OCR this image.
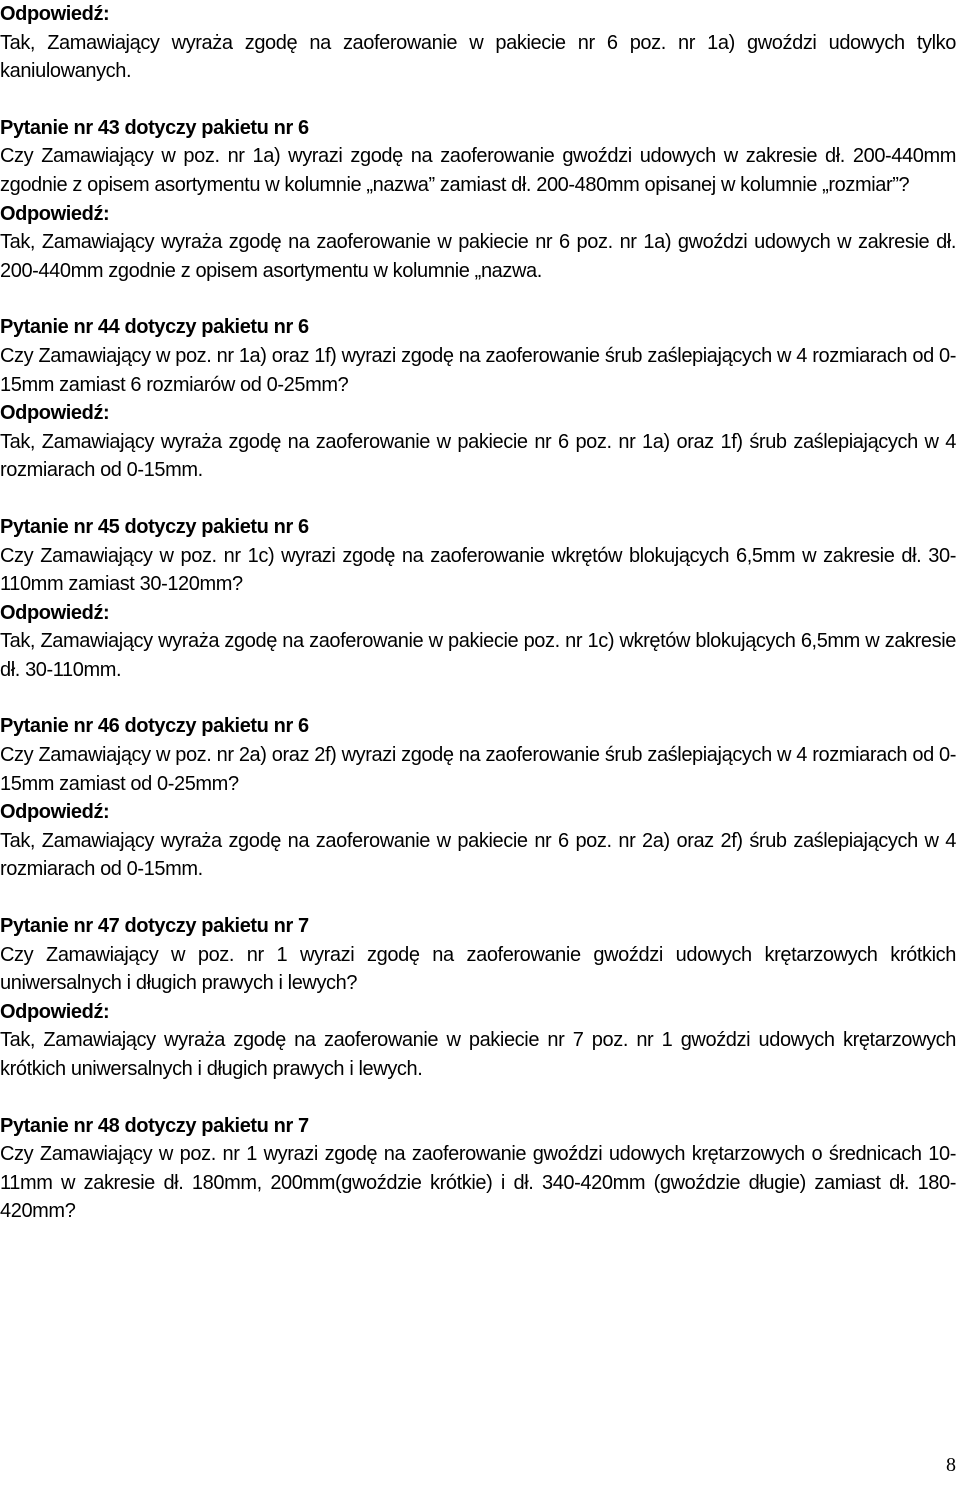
Odpowiedź:

Tak, Zamawiający wyraża zgodę na zaoferowanie w pakiecie nr 6 poz. nr 1a) gwoździ udowych tylko kaniulowanych.

Pytanie nr 43 dotyczy pakietu nr 6

Czy Zamawiający w poz. nr 1a) wyrazi zgodę na zaoferowanie gwoździ udowych w zakresie dł. 200-440mm zgodnie z opisem asortymentu w kolumnie „nazwa” zamiast dł. 200-480mm opisanej w kolumnie „rozmiar”?

Odpowiedź:

Tak, Zamawiający wyraża zgodę na zaoferowanie w pakiecie nr 6 poz. nr 1a) gwoździ udowych w zakresie dł. 200-440mm zgodnie z opisem asortymentu w kolumnie „nazwa.

Pytanie nr 44 dotyczy pakietu nr 6

Czy Zamawiający w poz. nr 1a) oraz 1f) wyrazi zgodę na zaoferowanie śrub zaślepiających w 4 rozmiarach od 0-15mm zamiast 6 rozmiarów od 0-25mm?

Odpowiedź:

Tak, Zamawiający wyraża zgodę na zaoferowanie w pakiecie nr 6 poz. nr 1a) oraz 1f) śrub zaślepiających w 4 rozmiarach od 0-15mm.

Pytanie nr 45 dotyczy pakietu nr 6

Czy Zamawiający w poz. nr 1c) wyrazi zgodę na zaoferowanie wkrętów blokujących 6,5mm w zakresie dł. 30-110mm zamiast 30-120mm?

Odpowiedź:

Tak, Zamawiający wyraża zgodę na zaoferowanie w pakiecie poz. nr 1c) wkrętów blokujących 6,5mm w zakresie dł. 30-110mm.

Pytanie nr 46 dotyczy pakietu nr 6

Czy Zamawiający w poz. nr 2a) oraz 2f) wyrazi zgodę na zaoferowanie śrub zaślepiających w 4 rozmiarach od 0-15mm zamiast od 0-25mm?

Odpowiedź:

Tak, Zamawiający wyraża zgodę na zaoferowanie w pakiecie nr 6 poz. nr 2a) oraz 2f) śrub zaślepiających w 4 rozmiarach od 0-15mm.

Pytanie nr 47 dotyczy pakietu nr 7

Czy Zamawiający w poz. nr 1 wyrazi zgodę na zaoferowanie gwoździ udowych krętarzowych krótkich uniwersalnych i długich prawych i lewych?

Odpowiedź:

Tak, Zamawiający wyraża zgodę na zaoferowanie w pakiecie nr 7 poz. nr 1 gwoździ udowych krętarzowych krótkich uniwersalnych i długich prawych i lewych.

Pytanie nr 48 dotyczy pakietu nr 7

Czy Zamawiający w poz. nr 1 wyrazi zgodę na zaoferowanie gwoździ udowych krętarzowych o średnicach 10-11mm w zakresie dł. 180mm, 200mm(gwoździe krótkie) i dł. 340-420mm (gwoździe długie) zamiast dł. 180-420mm?

8
